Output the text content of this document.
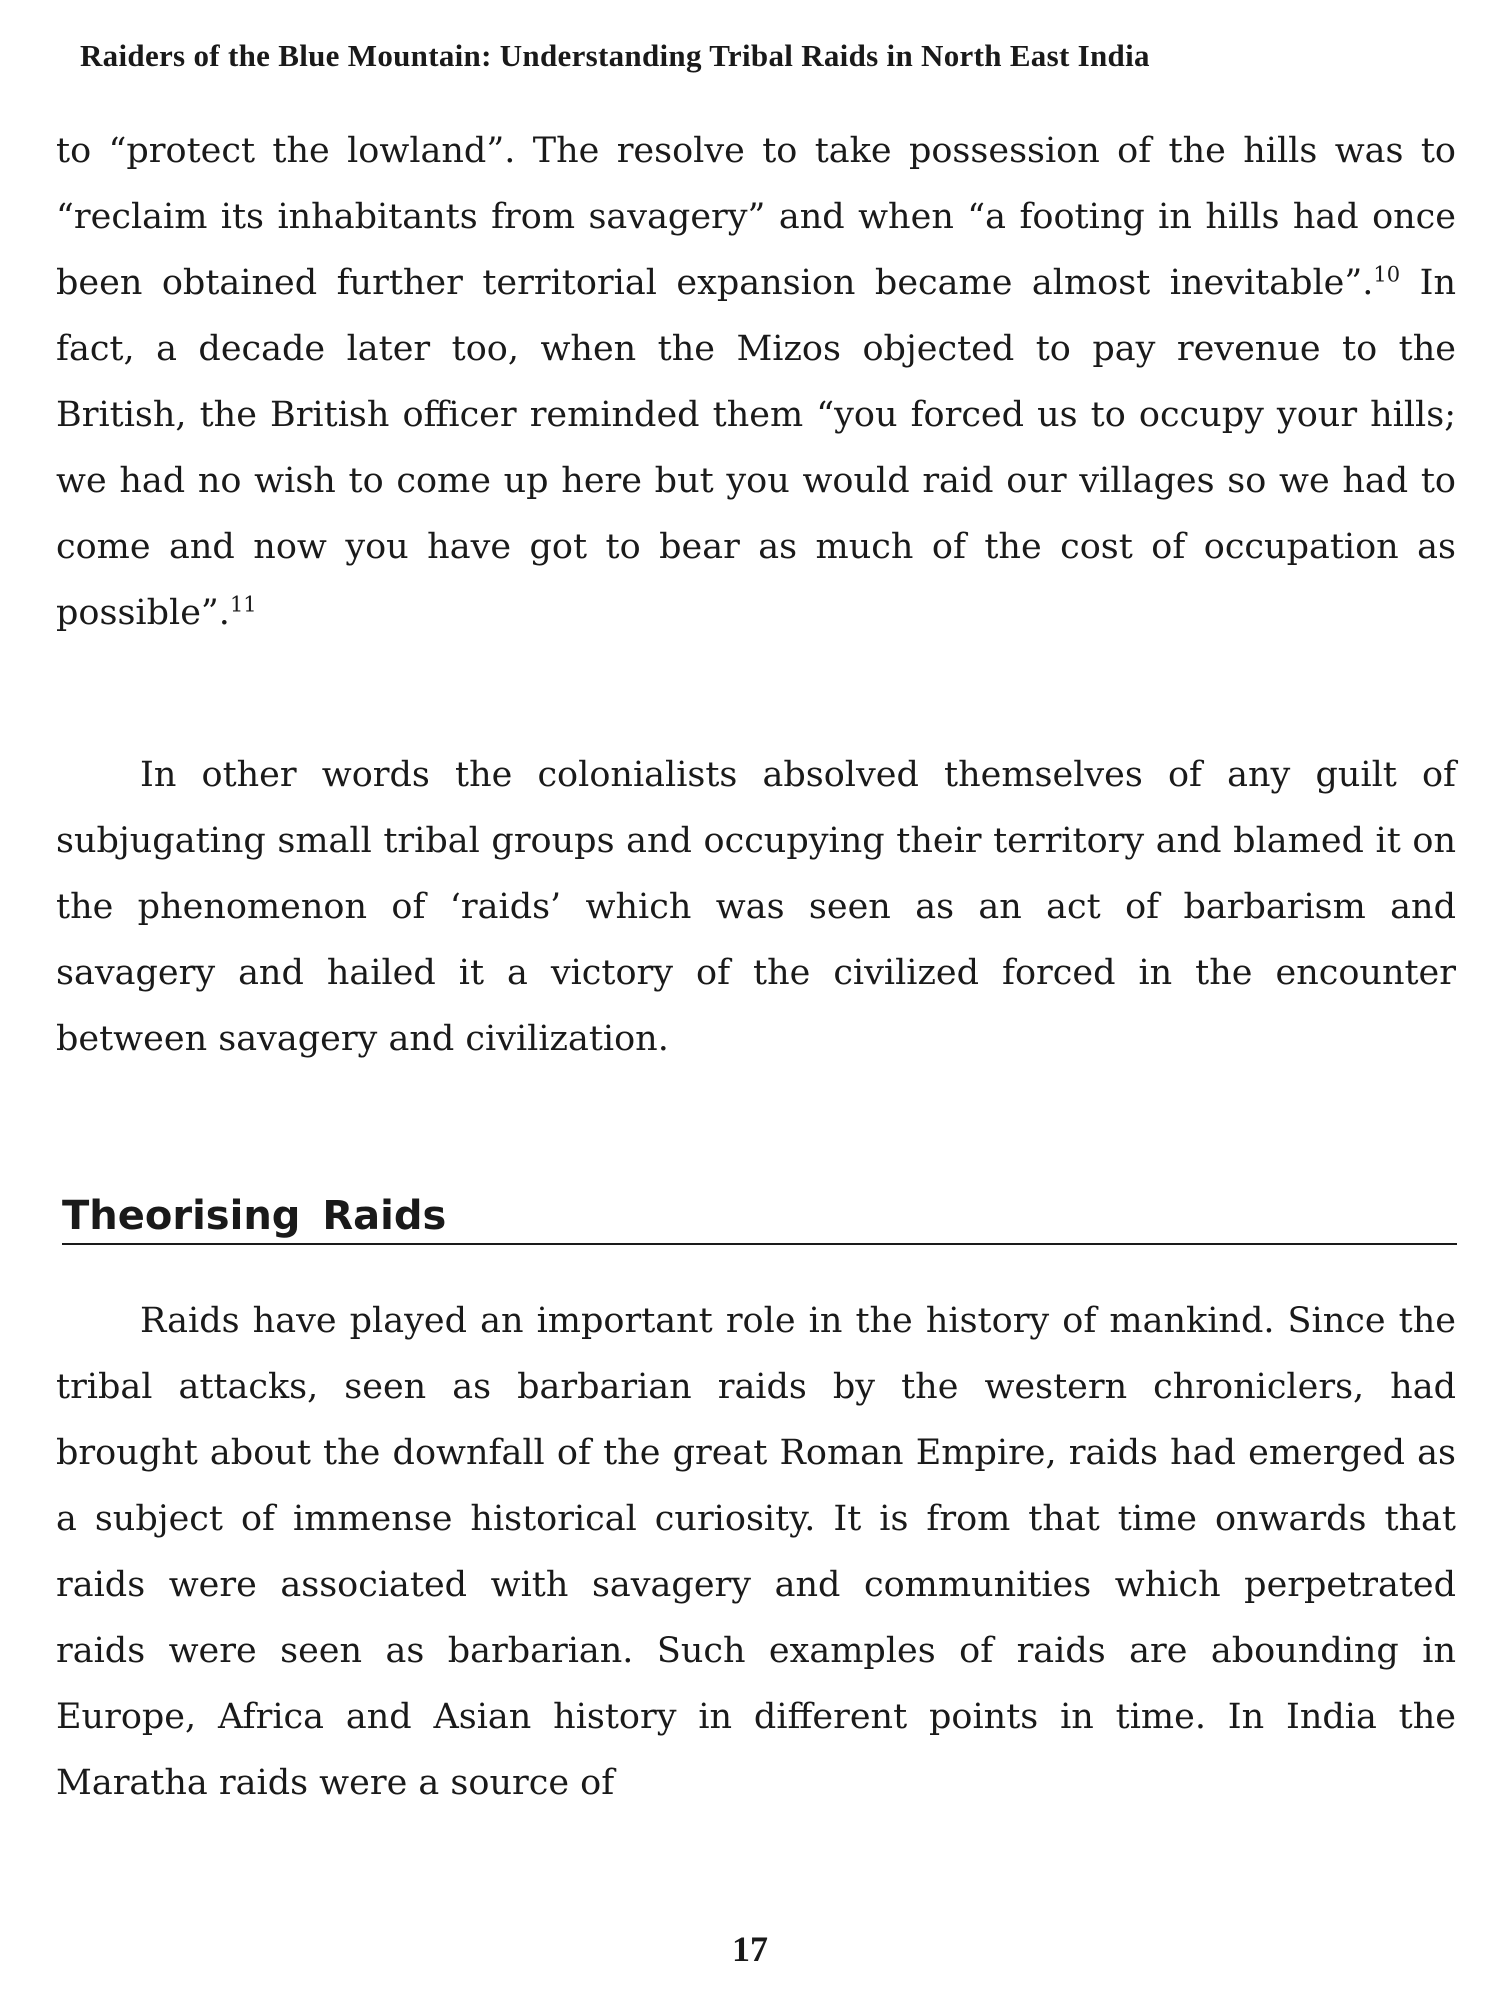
Raiders of the Blue Mountain: Understanding Tribal Raids in North East India

to “protect the lowland”. The resolve to take possession of the hills was to “reclaim its inhabitants from savagery” and when “a footing in hills had once been obtained further territorial expansion became almost inevitable”.$^{10}$ In fact, a decade later too, when the Mizos objected to pay revenue to the British, the British officer reminded them “you forced us to occupy your hills; we had no wish to come up here but you would raid our villages so we had to come and now you have got to bear as much of the cost of occupation as possible”.$^{11}$

In other words the colonialists absolved themselves of any guilt of subjugating small tribal groups and occupying their territory and blamed it on the phenomenon of ‘raids’ which was seen as an act of barbarism and savagery and hailed it a victory of the civilized forced in the encounter between savagery and civilization.

Theorising Raids

Raids have played an important role in the history of mankind. Since the tribal attacks, seen as barbarian raids by the western chroniclers, had brought about the downfall of the great Roman Empire, raids had emerged as a subject of immense historical curiosity. It is from that time onwards that raids were associated with savagery and communities which perpetrated raids were seen as barbarian. Such examples of raids are abounding in Europe, Africa and Asian history in different points in time. In India the Maratha raids were a source of

17
